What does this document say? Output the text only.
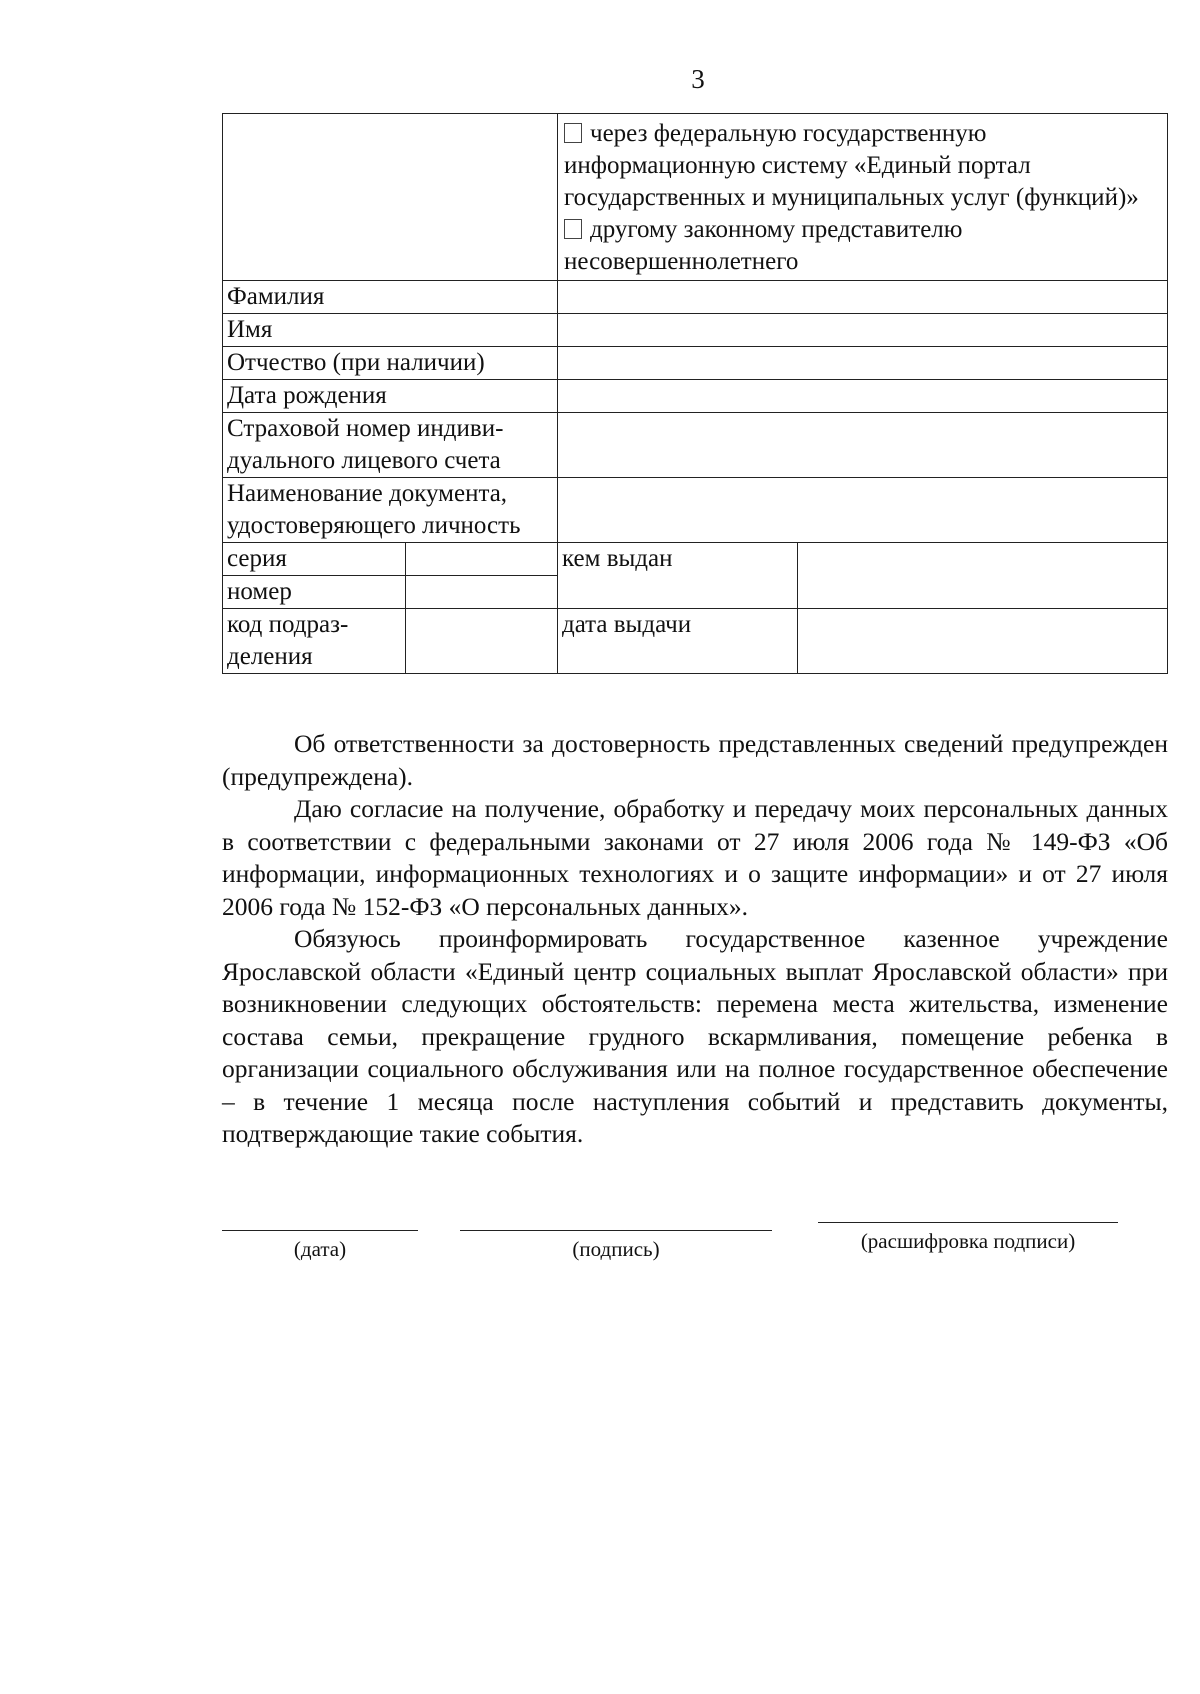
3

		через федеральную государственную информационную систему «Единый портал государственных и муниципальных услуг (функций)»
другому законному представителю несовершеннолетнего	

Фамилия			
Имя			
Отчество (при наличии)			
Дата рождения			

Страховой номер индиви-
дуального лицевого счета			

Наименование документа,
удостоверяющего личность			

серия		кем выдан	
номер			

код подраз-
деления		дата выдачи	

Об ответственности за достоверность представленных сведений предупрежден (предупреждена).

Даю согласие на получение, обработку и передачу моих персональных данных в соответствии с федеральными законами от 27 июля 2006 года № 149-ФЗ «Об информации, информационных технологиях и о защите информации» и от 27 июля 2006 года № 152-ФЗ «О персональных данных».

Обязуюсь проинформировать государственное казенное учреждение Ярославской области «Единый центр социальных выплат Ярославской области» при возникновении следующих обстоятельств: перемена места жительства, изменение состава семьи, прекращение грудного вскармливания, помещение ребенка в организации социального обслуживания или на полное государственное обеспечение – в течение 1 месяца после наступления событий и представить документы, подтверждающие такие события.

(дата)	(подпись)	(расшифровка подписи)
